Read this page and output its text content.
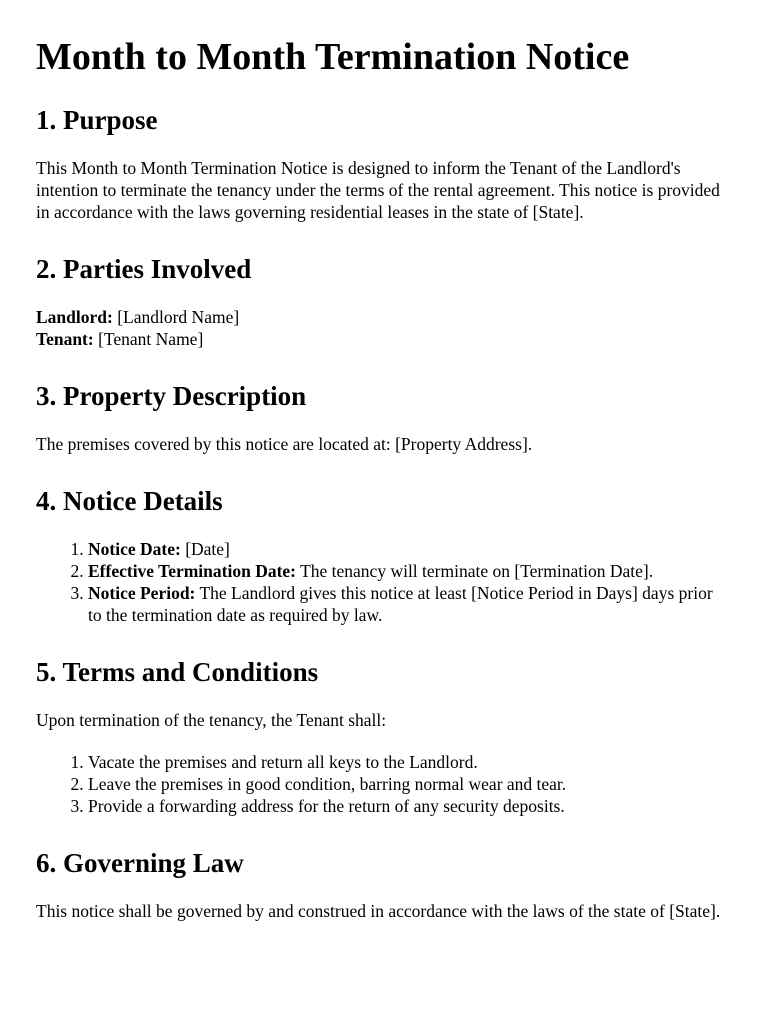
Month to Month Termination Notice
1. Purpose

This Month to Month Termination Notice is designed to inform the Tenant of the Landlord's intention to terminate the tenancy under the terms of the rental agreement. This notice is provided in accordance with the laws governing residential leases in the state of [State].

2. Parties Involved

Landlord: [Landlord Name]
Tenant: [Tenant Name]

3. Property Description

The premises covered by this notice are located at: [Property Address].

4. Notice Details
1. Notice Date: [Date]
2. Effective Termination Date: The tenancy will terminate on [Termination Date].
3. Notice Period: The Landlord gives this notice at least [Notice Period in Days] days prior to the termination date as required by law.
5. Terms and Conditions

Upon termination of the tenancy, the Tenant shall:

1. Vacate the premises and return all keys to the Landlord.
2. Leave the premises in good condition, barring normal wear and tear.
3. Provide a forwarding address for the return of any security deposits.
6. Governing Law

This notice shall be governed by and construed in accordance with the laws of the state of [State].
